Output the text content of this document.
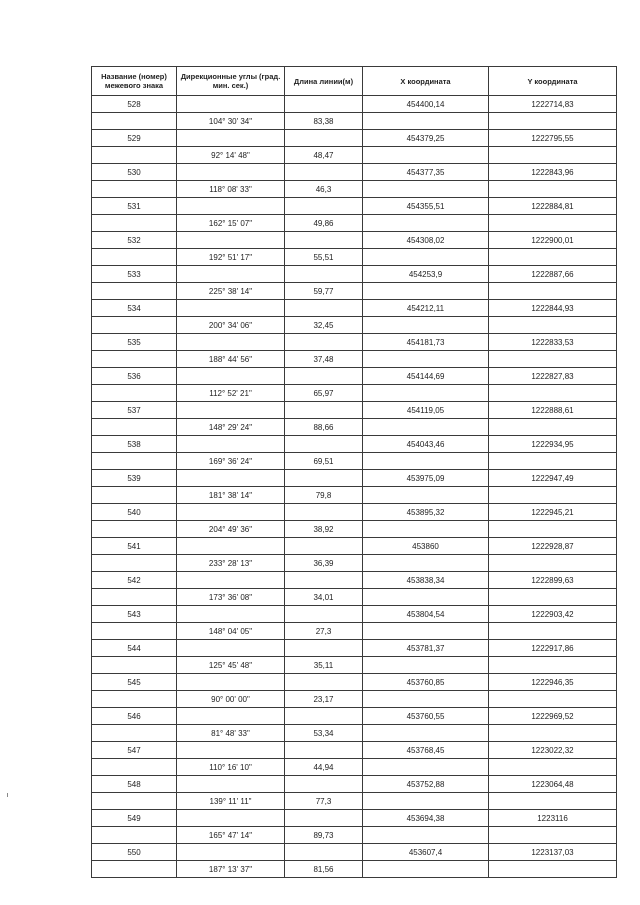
Название (номер) межевого знака	Дирекционные углы (град. мин. сек.)	Длина линии(м)	X координата	Y координата
528			454400,14	1222714,83
	104° 30' 34"	83,38		
529			454379,25	1222795,55
	92° 14' 48"	48,47		
530			454377,35	1222843,96
	118° 08' 33"	46,3		
531			454355,51	1222884,81
	162° 15' 07"	49,86		
532			454308,02	1222900,01
	192° 51' 17"	55,51		
533			454253,9	1222887,66
	225° 38' 14"	59,77		
534			454212,11	1222844,93
	200° 34' 06"	32,45		
535			454181,73	1222833,53
	188° 44' 56"	37,48		
536			454144,69	1222827,83
	112° 52' 21"	65,97		
537			454119,05	1222888,61
	148° 29' 24"	88,66		
538			454043,46	1222934,95
	169° 36' 24"	69,51		
539			453975,09	1222947,49
	181° 38' 14"	79,8		
540			453895,32	1222945,21
	204° 49' 36"	38,92		
541			453860	1222928,87
	233° 28' 13"	36,39		
542			453838,34	1222899,63
	173° 36' 08"	34,01		
543			453804,54	1222903,42
	148° 04' 05"	27,3		
544			453781,37	1222917,86
	125° 45' 48"	35,11		
545			453760,85	1222946,35
	90° 00' 00"	23,17		
546			453760,55	1222969,52
	81° 48' 33"	53,34		
547			453768,45	1223022,32
	110° 16' 10"	44,94		
548			453752,88	1223064,48
	139° 11' 11"	77,3		
549			453694,38	1223116
	165° 47' 14"	89,73		
550			453607,4	1223137,03
	187° 13' 37"	81,56		
